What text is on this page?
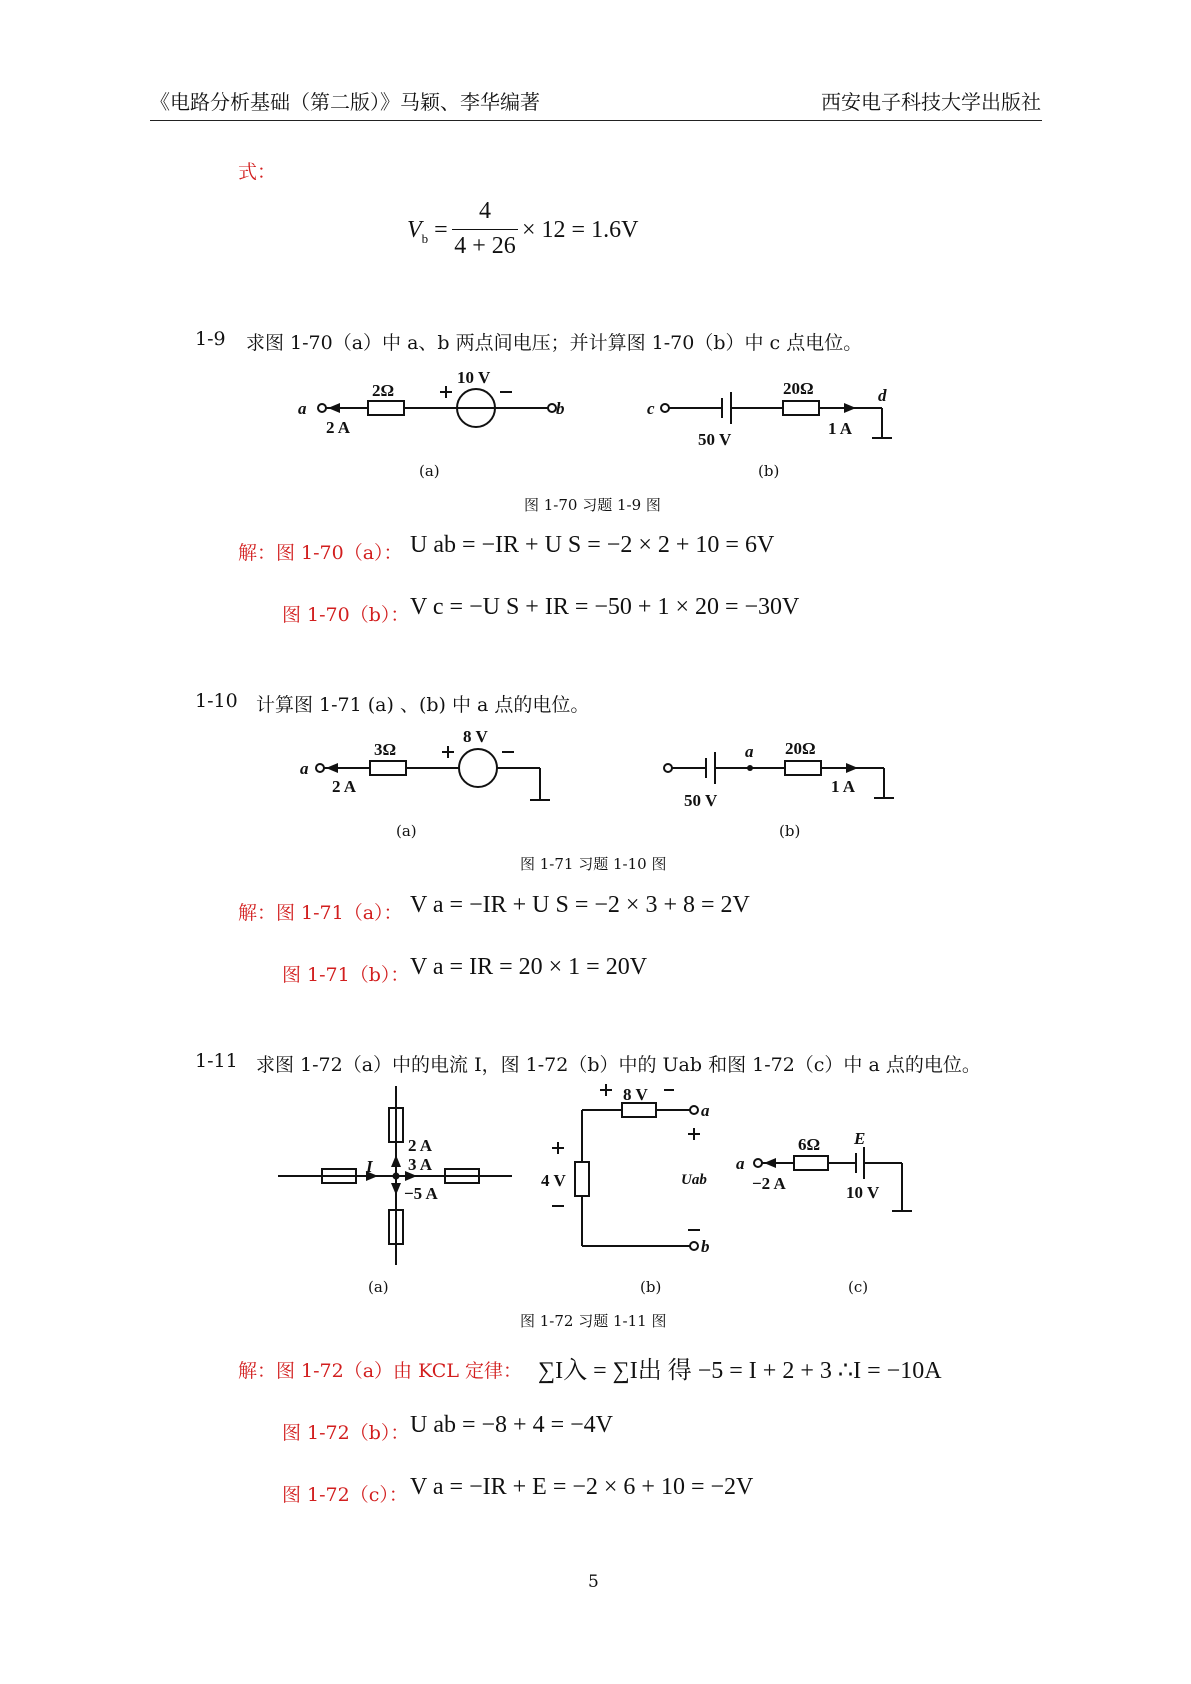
《电路分析基础（第二版）》马颖、李华编著	西安电子科技大学出版社
式：
$V_b$ =
4
4 + 26
× 12 = 1.6V
1-9 求图 1-70（a）中 a、b 两点间电压；并计算图 1-70（b）中 c 点电位。
a	b
2Ω
10 V
2 A
(a)
c
50 V
20Ω
1 A
d
(b)
图 1-70 习题 1-9 图
解：图 1-70（a）： U ab = −IR + U S = −2 × 2 + 10 = 6V
图 1-70（b）： V c = −U S + IR = −50 + 1 × 20 = −30V
1-10 计算图 1-71 (a) 、(b) 中 a 点的电位。
a
3Ω
8 V
2 A
(a)
50 V
a 20Ω
1 A
(b)
图 1-71 习题 1-10 图
解：图 1-71（a）： V a = −IR + U S = −2 × 3 + 8 = 2V
图 1-71（b）： V a = IR = 20 × 1 = 20V
1-11 求图 1-72（a）中的电流 I，图 1-72（b）中的 Uab 和图 1-72（c）中 a 点的电位。
I
2 A
3 A
−5 A
(a)
8 V
4 V	Uab
a
b
(b)
a
6Ω E
−2 A	10 V
(c)
图 1-72 习题 1-11 图
解：图 1-72（a）由 KCL 定律： ∑I入 = ∑I出 得 −5 = I + 2 + 3 ∴I = −10A
图 1-72（b）： U ab = −8 + 4 = −4V
图 1-72（c）： V a = −IR + E = −2 × 6 + 10 = −2V
5
